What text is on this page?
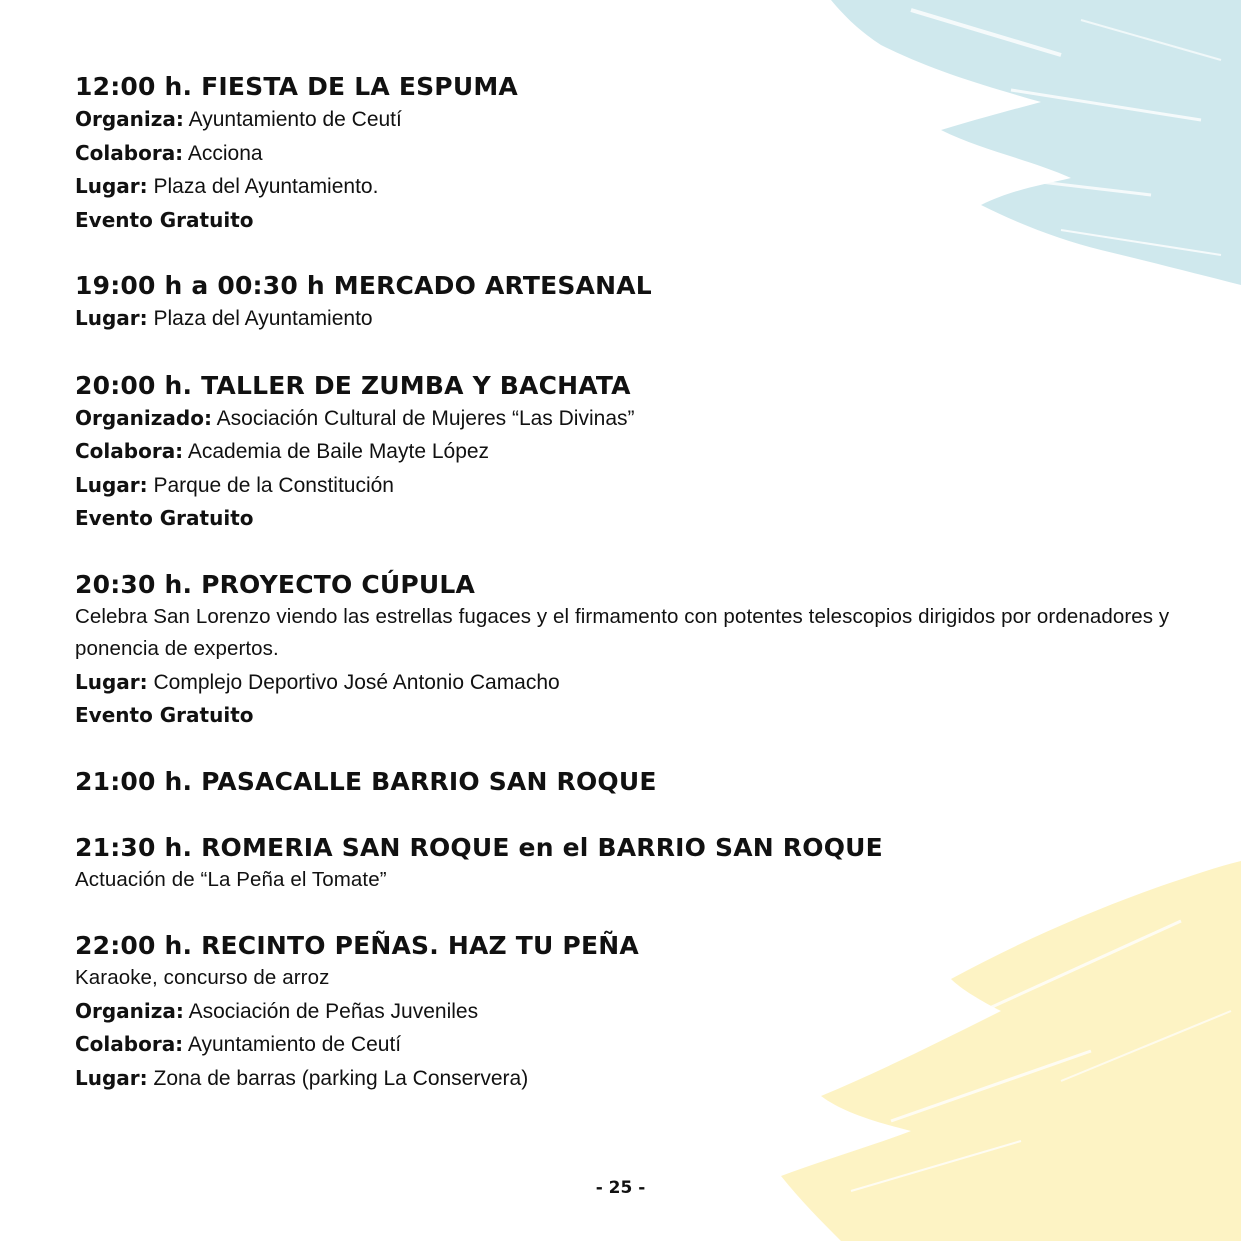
12:00 h. FIESTA DE LA ESPUMA

Organiza: Ayuntamiento de Ceutí

Colabora: Acciona

Lugar: Plaza del Ayuntamiento.

Evento Gratuito

19:00 h a 00:30 h MERCADO ARTESANAL

Lugar: Plaza del Ayuntamiento

20:00 h. TALLER DE ZUMBA Y BACHATA

Organizado: Asociación Cultural de Mujeres “Las Divinas”

Colabora: Academia de Baile Mayte López

Lugar: Parque de la Constitución

Evento Gratuito

20:30 h. PROYECTO CÚPULA

Celebra San Lorenzo viendo las estrellas fugaces y el firmamento con potentes telescopios dirigidos por ordenadores y ponencia de expertos.

Lugar: Complejo Deportivo José Antonio Camacho

Evento Gratuito

21:00 h. PASACALLE BARRIO SAN ROQUE

21:30 h. ROMERIA SAN ROQUE en el BARRIO SAN ROQUE

Actuación de “La Peña el Tomate”

22:00 h. RECINTO PEÑAS. HAZ TU PEÑA

Karaoke, concurso de arroz

Organiza: Asociación de Peñas Juveniles

Colabora: Ayuntamiento de Ceutí

Lugar: Zona de barras (parking La Conservera)

- 25 -
